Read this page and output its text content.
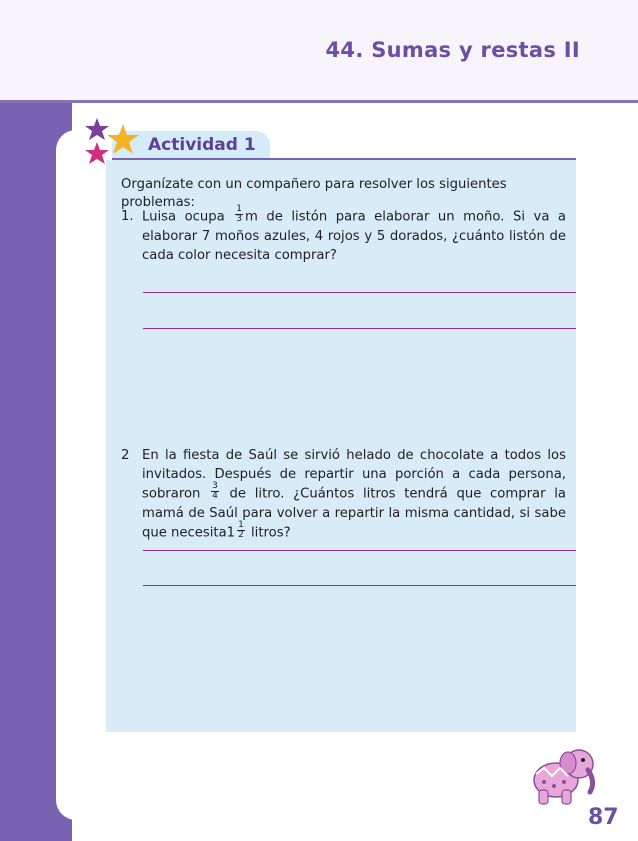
44. Sumas y restas II
Actividad 1
Organízate con un compañero para resolver los siguientes problemas:
1. Luisa ocupa $\frac{1}{3}$ m de listón para elaborar un moño. Si va a elaborar 7 moños azules, 4 rojos y 5 dorados, ¿cuánto listón de cada color necesita comprar?
2 En la fiesta de Saúl se sirvió helado de chocolate a todos los invitados. Después de repartir una porción a cada persona, sobraron $\frac{3}{4}$ de litro. ¿Cuántos litros tendrá que comprar la mamá de Saúl para volver a repartir la misma cantidad, si sabe que necesita1 $\frac{1}{2}$ litros?
Desafíos Alumnos. Cuarto Grado 87
